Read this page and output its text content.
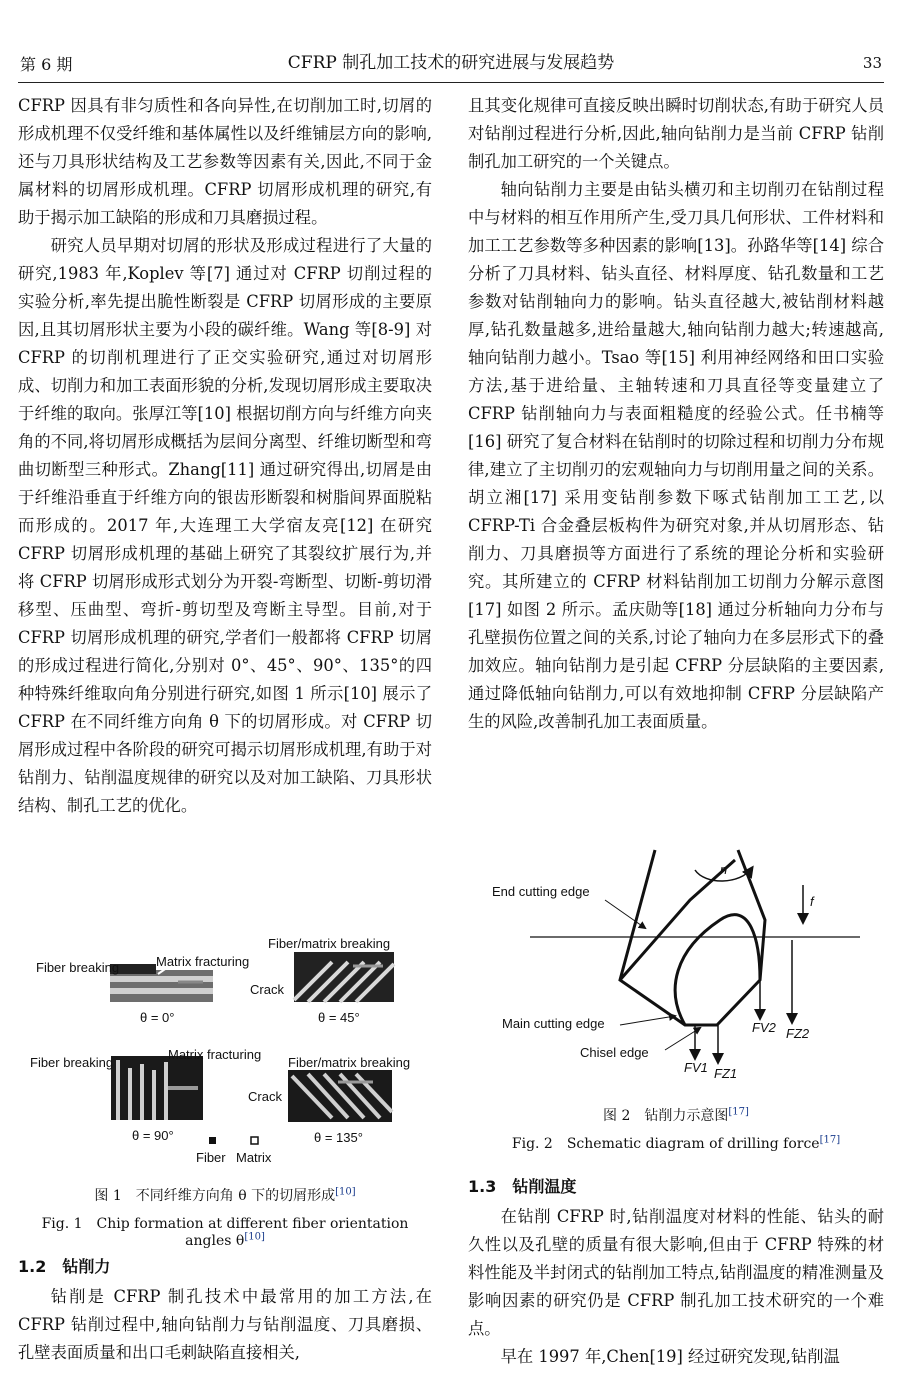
第 6 期	CFRP 制孔加工技术的研究进展与发展趋势	33

CFRP 因具有非匀质性和各向异性,在切削加工时,切屑的形成机理不仅受纤维和基体属性以及纤维铺层方向的影响,还与刀具形状结构及工艺参数等因素有关,因此,不同于金属材料的切屑形成机理。CFRP 切屑形成机理的研究,有助于揭示加工缺陷的形成和刀具磨损过程。

研究人员早期对切屑的形状及形成过程进行了大量的研究,1983 年,Koplev 等[7] 通过对 CFRP 切削过程的实验分析,率先提出脆性断裂是 CFRP 切屑形成的主要原因,且其切屑形状主要为小段的碳纤维。Wang 等[8-9] 对 CFRP 的切削机理进行了正交实验研究,通过对切屑形成、切削力和加工表面形貌的分析,发现切屑形成主要取决于纤维的取向。张厚江等[10] 根据切削方向与纤维方向夹角的不同,将切屑形成概括为层间分离型、纤维切断型和弯曲切断型三种形式。Zhang[11] 通过研究得出,切屑是由于纤维沿垂直于纤维方向的银齿形断裂和树脂间界面脱粘而形成的。2017 年,大连理工大学宿友亮[12] 在研究 CFRP 切屑形成机理的基础上研究了其裂纹扩展行为,并将 CFRP 切屑形成形式划分为开裂-弯断型、切断-剪切滑移型、压曲型、弯折-剪切型及弯断主导型。目前,对于 CFRP 切屑形成机理的研究,学者们一般都将 CFRP 切屑的形成过程进行简化,分别对 0°、45°、90°、135°的四种特殊纤维取向角分别进行研究,如图 1 所示[10] 展示了 CFRP 在不同纤维方向角 θ 下的切屑形成。对 CFRP 切屑形成过程中各阶段的研究可揭示切屑形成机理,有助于对钻削力、钻削温度规律的研究以及对加工缺陷、刀具形状结构、制孔工艺的优化。

Fiber breaking	Matrix fracturing
Fiber/matrix breaking
Crack
θ = 0°	θ = 45°
Fiber breaking
Matrix fracturing
Fiber/matrix breaking
Crack
θ = 90°	θ = 135°
Fiber Matrix
图 1　不同纤维方向角 θ 下的切屑形成[10]
Fig. 1　Chip formation at different fiber orientation angles θ[10]
1.2　钻削力

钻削是 CFRP 制孔技术中最常用的加工方法,在 CFRP 钻削过程中,轴向钻削力与钻削温度、刀具磨损、孔壁表面质量和出口毛刺缺陷直接相关,

且其变化规律可直接反映出瞬时切削状态,有助于研究人员对钻削过程进行分析,因此,轴向钻削力是当前 CFRP 钻削制孔加工研究的一个关键点。

轴向钻削力主要是由钻头横刃和主切削刃在钻削过程中与材料的相互作用所产生,受刀具几何形状、工件材料和加工工艺参数等多种因素的影响[13]。孙路华等[14] 综合分析了刀具材料、钻头直径、材料厚度、钻孔数量和工艺参数对钻削轴向力的影响。钻头直径越大,被钻削材料越厚,钻孔数量越多,进给量越大,轴向钻削力越大;转速越高,轴向钻削力越小。Tsao 等[15] 利用神经网络和田口实验方法,基于进给量、主轴转速和刀具直径等变量建立了 CFRP 钻削轴向力与表面粗糙度的经验公式。任书楠等[16] 研究了复合材料在钻削时的切除过程和切削力分布规律,建立了主切削刃的宏观轴向力与切削用量之间的关系。胡立湘[17] 采用变钻削参数下啄式钻削加工工艺,以 CFRP-Ti 合金叠层板构件为研究对象,并从切屑形态、钻削力、刀具磨损等方面进行了系统的理论分析和实验研究。其所建立的 CFRP 材料钻削加工切削力分解示意图[17] 如图 2 所示。孟庆勋等[18] 通过分析轴向力分布与孔壁损伤位置之间的关系,讨论了轴向力在多层形式下的叠加效应。轴向钻削力是引起 CFRP 分层缺陷的主要因素,通过降低轴向钻削力,可以有效地抑制 CFRP 分层缺陷产生的风险,改善制孔加工表面质量。

n
f
End cutting edge
Main cutting edge
Chisel edge
FV2 FZ2
FV1 FZ1
图 2　钻削力示意图[17]
Fig. 2　Schematic diagram of drilling force[17]
1.3　钻削温度

在钻削 CFRP 时,钻削温度对材料的性能、钻头的耐久性以及孔壁的质量有很大影响,但由于 CFRP 特殊的材料性能及半封闭式的钻削加工特点,钻削温度的精准测量及影响因素的研究仍是 CFRP 制孔加工技术研究的一个难点。

早在 1997 年,Chen[19] 经过研究发现,钻削温
